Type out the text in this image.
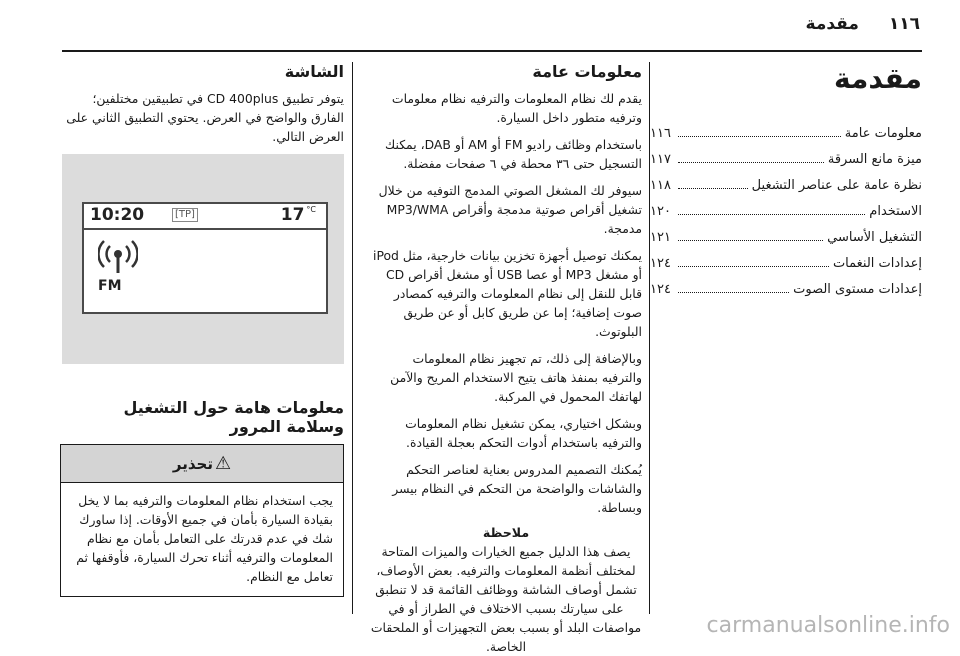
١١٦ مقدمة
مقدمة
معلومات عامة
١١٦
ميزة مانع السرقة
١١٧
نظرة عامة على عناصر التشغيل
١١٨
الاستخدام
١٢٠
التشغيل الأساسي
١٢١
إعدادات النغمات
١٢٤
إعدادات مستوى الصوت
١٢٤
معلومات عامة

يقدم لك نظام المعلومات والترفيه نظام معلومات وترفيه متطور داخل السيارة.

باستخدام وظائف راديو FM أو AM أو DAB، يمكنك التسجيل حتى ٣٦ محطة في ٦ صفحات مفضلة.

سيوفر لك المشغل الصوتي المدمج التوفيه من خلال تشغيل أقراص صوتية مدمجة وأقراص MP3/WMA مدمجة.

يمكنك توصيل أجهزة تخزين بيانات خارجية، مثل iPod أو مشغل MP3 أو عصا USB أو مشغل أقراص CD قابل للنقل إلى نظام المعلومات والترفيه كمصادر صوت إضافية؛ إما عن طريق كابل أو عن طريق البلوتوث.

وبالإضافة إلى ذلك، تم تجهيز نظام المعلومات والترفيه بمنفذ هاتف يتيح الاستخدام المريح والآمن لهاتفك المحمول في المركبة.

وبشكل اختياري، يمكن تشغيل نظام المعلومات والترفيه باستخدام أدوات التحكم بعجلة القيادة.

يُمكنك التصميم المدروس بعناية لعناصر التحكم والشاشات والواضحة من التحكم في النظام بيسر وبساطة.

ملاحظة

يصف هذا الدليل جميع الخيارات والميزات المتاحة لمختلف أنظمة المعلومات والترفيه. بعض الأوصاف، تشمل أوصاف الشاشة ووظائف القائمة قد لا تنطبق على سيارتك بسبب الاختلاف في الطراز أو في مواصفات البلد أو بسبب بعض التجهيزات أو الملحقات الخاصة.

الشاشة

يتوفر تطبيق CD 400plus في تطبيقين مختلفين؛ الفارق والواضح في العرض. يحتوي التطبيق الثاني على العرض التالي.

10:20	[TP]	17 $^{^\circ C}$
FM
معلومات هامة حول التشغيل وسلامة المرور
⚠تحذير
يجب استخدام نظام المعلومات والترفيه بما لا يخل بقيادة السيارة بأمان في جميع الأوقات. إذا ساورك شك في عدم قدرتك على التعامل بأمان مع نظام المعلومات والترفيه أثناء تحرك السيارة، فأوقفها ثم تعامل مع النظام.
carmanualsonline.info
